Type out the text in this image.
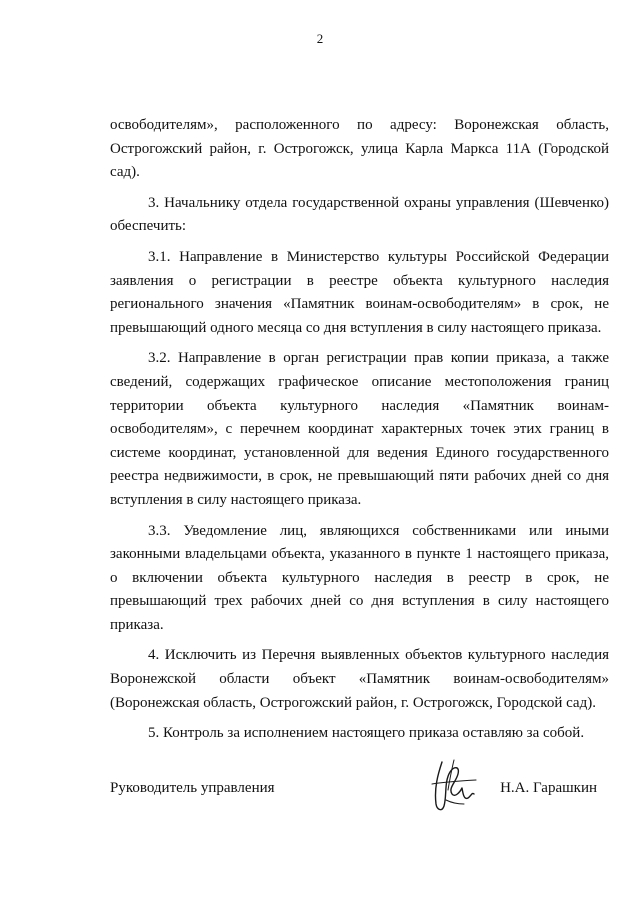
2

освободителям», расположенного по адресу: Воронежская область, Острогожский район, г. Острогожск, улица Карла Маркса 11А (Городской сад).

3. Начальнику отдела государственной охраны управления (Шевченко) обеспечить:

3.1. Направление в Министерство культуры Российской Федерации заявления о регистрации в реестре объекта культурного наследия регионального значения «Памятник воинам-освободителям» в срок, не превышающий одного месяца со дня вступления в силу настоящего приказа.

3.2. Направление в орган регистрации прав копии приказа, а также сведений, содержащих графическое описание местоположения границ территории объекта культурного наследия «Памятник воинам-освободителям», с перечнем координат характерных точек этих границ в системе координат, установленной для ведения Единого государственного реестра недвижимости, в срок, не превышающий пяти рабочих дней со дня вступления в силу настоящего приказа.

3.3. Уведомление лиц, являющихся собственниками или иными законными владельцами объекта, указанного в пункте 1 настоящего приказа, о включении объекта культурного наследия в реестр в срок, не превышающий трех рабочих дней со дня вступления в силу настоящего приказа.

4. Исключить из Перечня выявленных объектов культурного наследия Воронежской области объект «Памятник воинам-освободителям» (Воронежская область, Острогожский район, г. Острогожск, Городской сад).

5. Контроль за исполнением настоящего приказа оставляю за собой.

Руководитель управления	Н.А. Гарашкин
